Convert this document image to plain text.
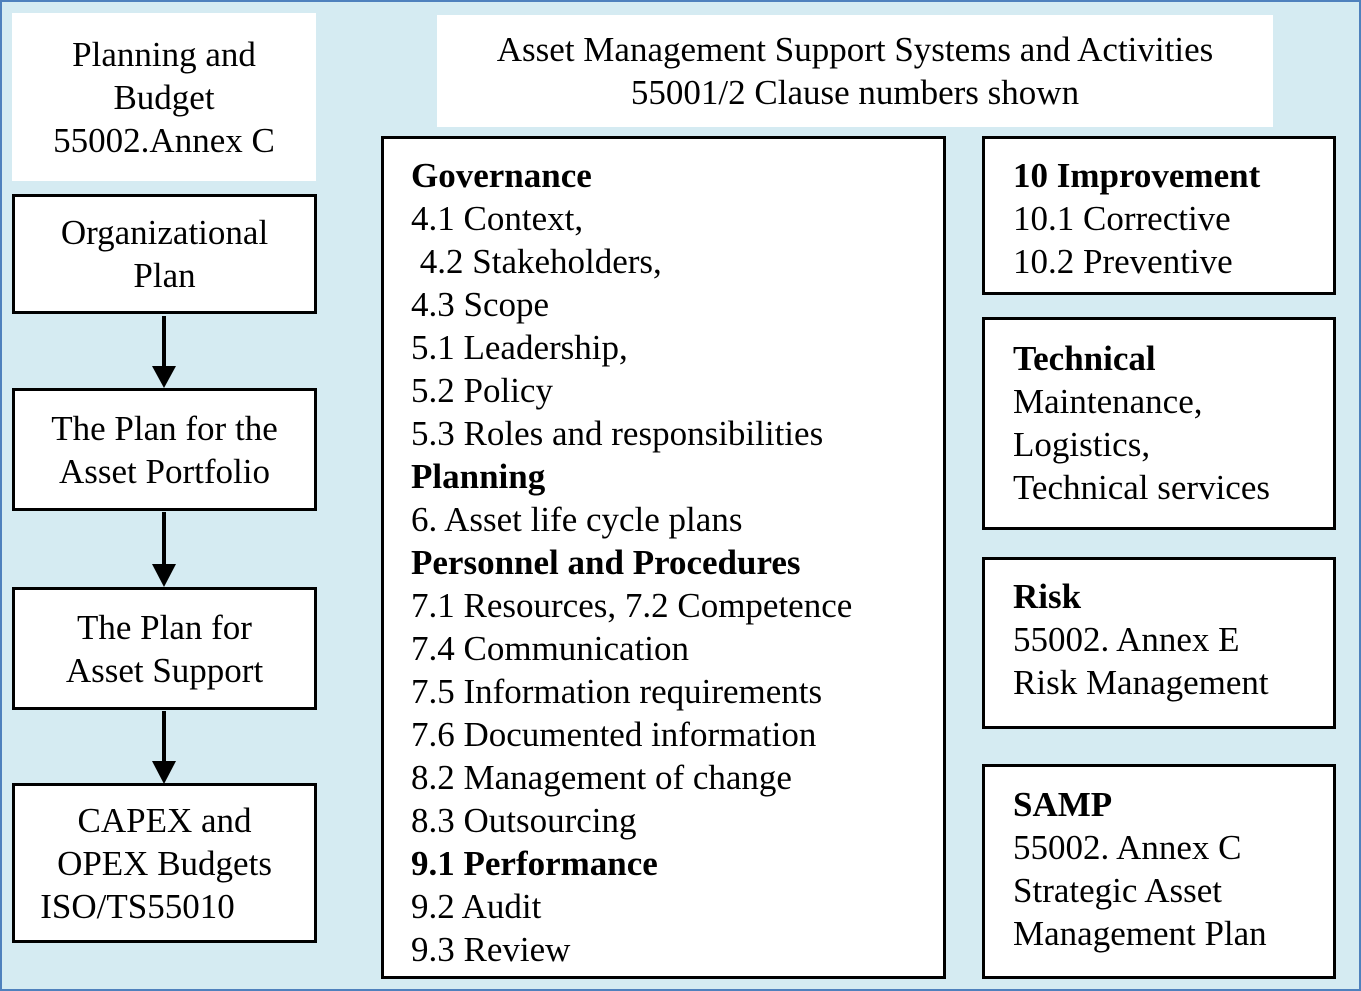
Planning and
Budget
55002.Annex C
Organizational
Plan
The Plan for the
Asset Portfolio
The Plan for
Asset Support
CAPEX and
OPEX Budgets
ISO/TS55010
Asset Management Support Systems and Activities
55001/2 Clause numbers shown
Governance
4.1 Context,
4.2 Stakeholders,
4.3 Scope
5.1 Leadership,
5.2 Policy
5.3 Roles and responsibilities
Planning
6. Asset life cycle plans
Personnel and Procedures
7.1 Resources, 7.2 Competence
7.4 Communication
7.5 Information requirements
7.6 Documented information
8.2 Management of change
8.3 Outsourcing
9.1 Performance
9.2 Audit
9.3 Review
10 Improvement
10.1 Corrective
10.2 Preventive
Technical
Maintenance,
Logistics,
Technical services
Risk
55002. Annex E
Risk Management
SAMP
55002. Annex C
Strategic Asset
Management Plan
